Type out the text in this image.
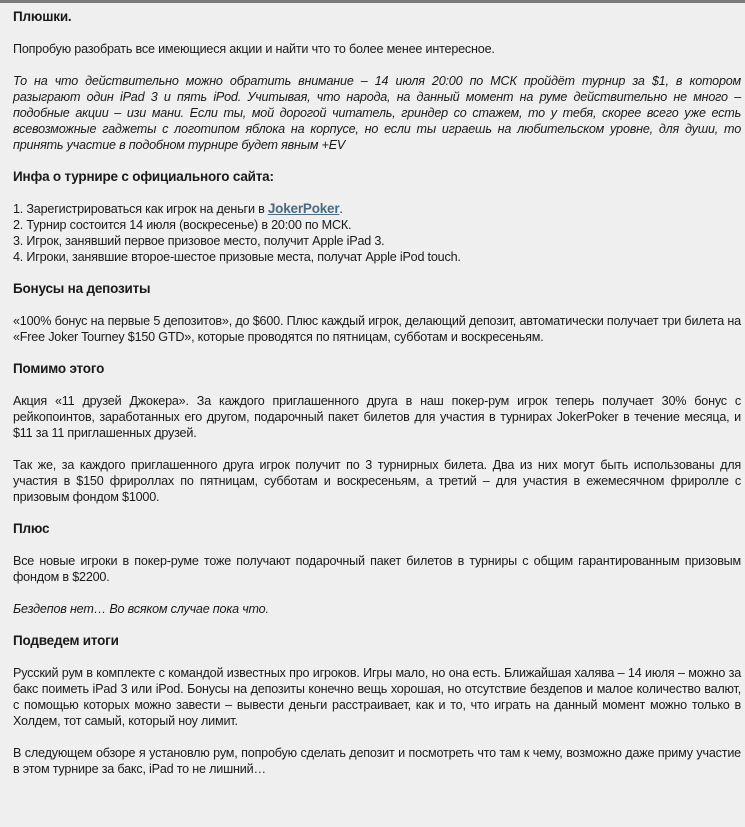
Плюшки.

Попробую разобрать все имеющиеся акции и найти что то более менее интересное.

То на что действительно можно обратить внимание – 14 июля 20:00 по МСК пройдёт турнир за $1, в котором разыграют один iPad 3 и пять iPod. Учитывая, что народа, на данный момент на руме действительно не много – подобные акции – изи мани. Если ты, мой дорогой читатель, гриндер со стажем, то у тебя, скорее всего уже есть всевозможные гаджеты с логотипом яблока на корпусе, но если ты играешь на любительском уровне, для души, то принять участие в подобном турнире будет явным +EV

Инфа о турнире с официального сайта:
1. Зарегистрироваться как игрок на деньги в JokerPoker.
2. Турнир состоится 14 июля (воскресенье) в 20:00 по МСК.
3. Игрок, занявший первое призовое место, получит Apple iPad 3.
4. Игроки, занявшие второе-шестое призовые места, получат Apple iPod touch.
Бонусы на депозиты

«100% бонус на первые 5 депозитов», до $600. Плюс каждый игрок, делающий депозит, автоматически получает три билета на «Free Joker Tourney $150 GTD», которые проводятся по пятницам, субботам и воскресеньям.

Помимо этого

Акция «11 друзей Джокера». За каждого приглашенного друга в наш покер-рум игрок теперь получает 30% бонус с рейкопоинтов, заработанных его другом, подарочный пакет билетов для участия в турнирах JokerPoker в течение месяца, и $11 за 11 приглашенных друзей.

Так же, за каждого приглашенного друга игрок получит по 3 турнирных билета. Два из них могут быть использованы для участия в $150 фрироллах по пятницам, субботам и воскресеньям, а третий – для участия в ежемесячном фриролле с призовым фондом $1000.

Плюс

Все новые игроки в покер-руме тоже получают подарочный пакет билетов в турниры с общим гарантированным призовым фондом в $2200.

Бездепов нет… Во всяком случае пока что.

Подведем итоги

Русский рум в комплекте с командой известных про игроков. Игры мало, но она есть. Ближайшая халява – 14 июля – можно за бакс поиметь iPad 3 или iPod. Бонусы на депозиты конечно вещь хорошая, но отсутствие бездепов и малое количество валют, с помощью которых можно завести – вывести деньги расстраивает, как и то, что играть на данный момент можно только в Холдем, тот самый, который ноу лимит.

В следующем обзоре я установлю рум, попробую сделать депозит и посмотреть что там к чему, возможно даже приму участие в этом турнире за бакс, iPad то не лишний…
